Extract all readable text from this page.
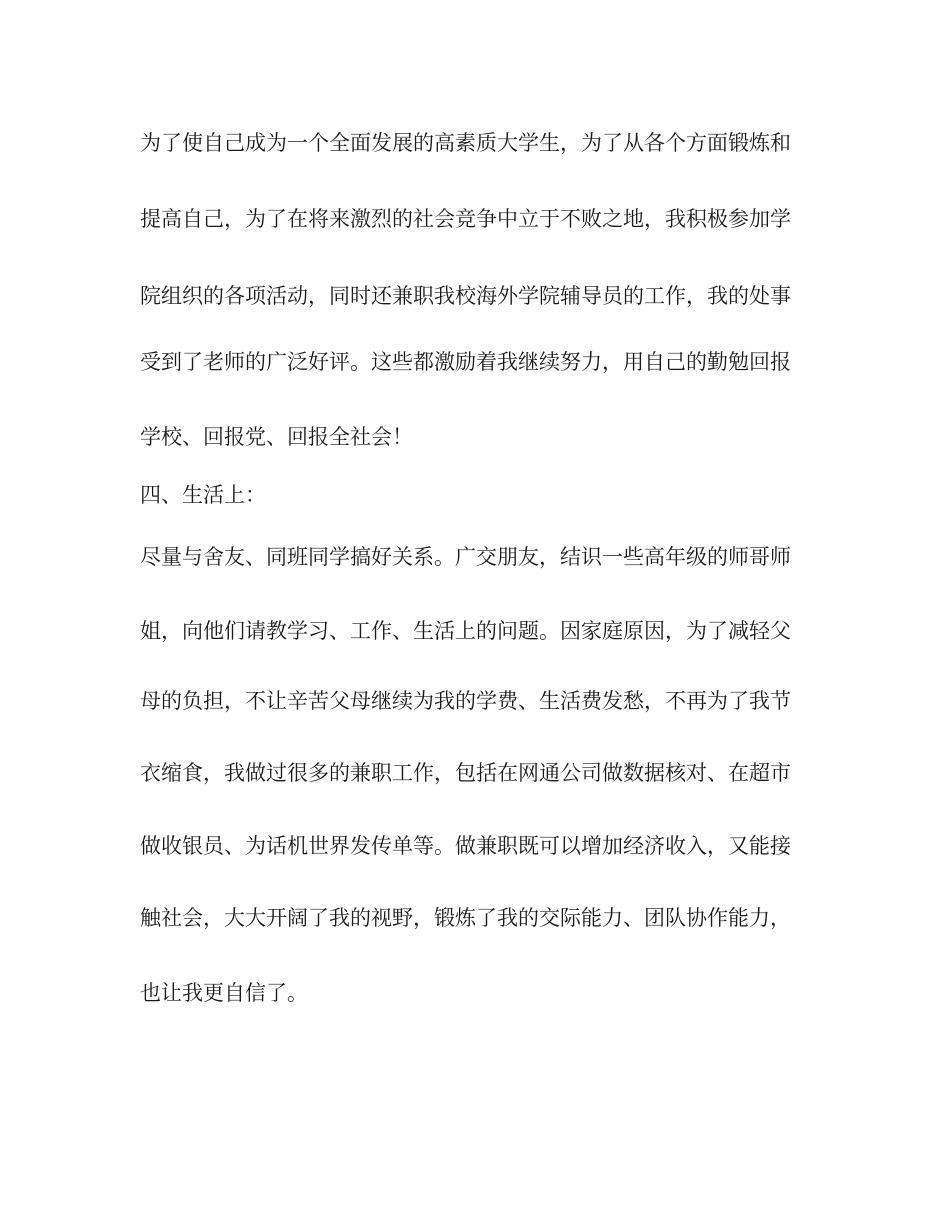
为了使自己成为一个全面发展的高素质大学生，为了从各个方面锻炼和
提高自己，为了在将来激烈的社会竞争中立于不败之地，我积极参加学
院组织的各项活动，同时还兼职我校海外学院辅导员的工作，我的处事
受到了老师的广泛好评。这些都激励着我继续努力，用自己的勤勉回报
学校、回报党、回报全社会！
四、生活上：
尽量与舍友、同班同学搞好关系。广交朋友，结识一些高年级的师哥师
姐，向他们请教学习、工作、生活上的问题。因家庭原因，为了减轻父
母的负担，不让辛苦父母继续为我的学费、生活费发愁，不再为了我节
衣缩食，我做过很多的兼职工作，包括在网通公司做数据核对、在超市
做收银员、为话机世界发传单等。做兼职既可以增加经济收入，又能接
触社会，大大开阔了我的视野，锻炼了我的交际能力、团队协作能力，
也让我更自信了。
